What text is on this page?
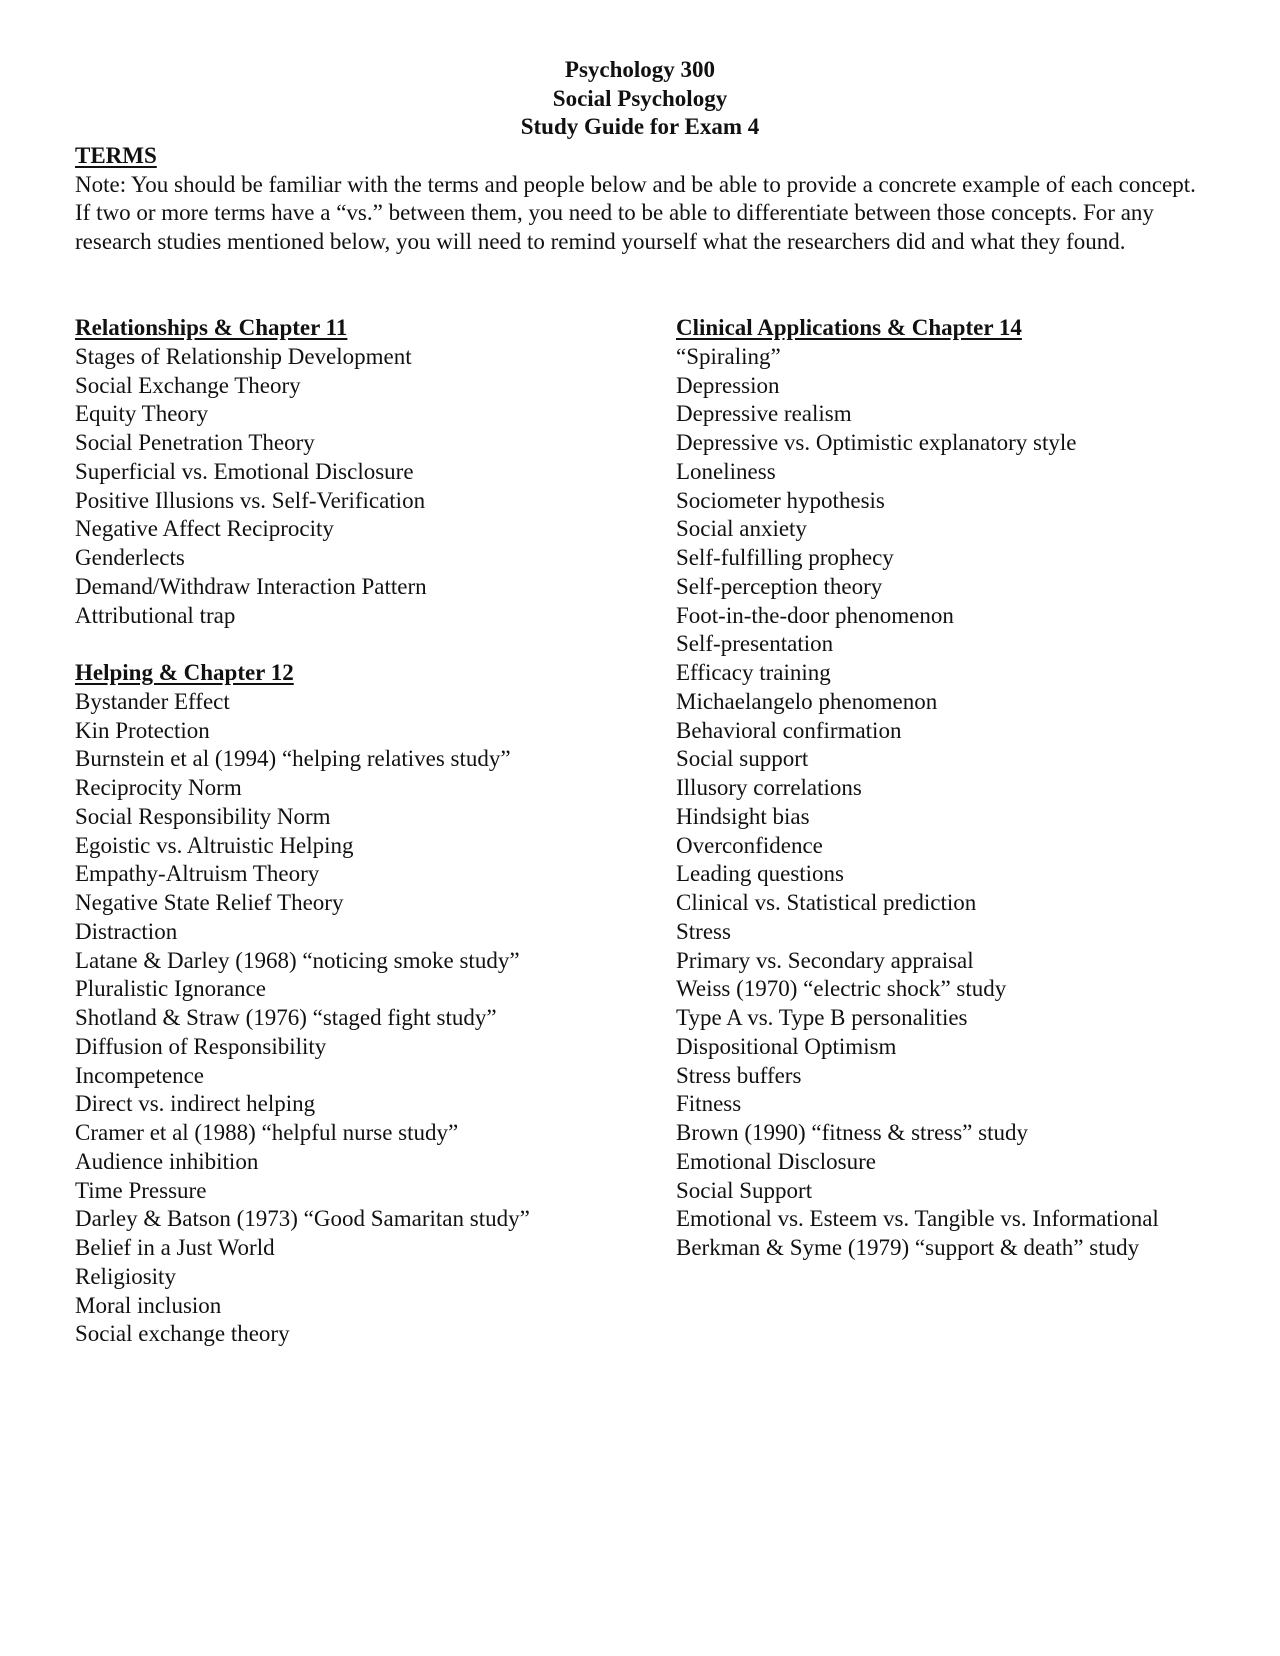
Psychology 300
Social Psychology
Study Guide for Exam 4
TERMS
Note: You should be familiar with the terms and people below and be able to provide a concrete example of each concept. If two or more terms have a “vs.” between them, you need to be able to differentiate between those concepts. For any research studies mentioned below, you will need to remind yourself what the researchers did and what they found.
Relationships & Chapter 11
Stages of Relationship Development
Social Exchange Theory
Equity Theory
Social Penetration Theory
Superficial vs. Emotional Disclosure
Positive Illusions vs. Self-Verification
Negative Affect Reciprocity
Genderlects
Demand/Withdraw Interaction Pattern
Attributional trap
Helping & Chapter 12
Bystander Effect
Kin Protection
Burnstein et al (1994) “helping relatives study”
Reciprocity Norm
Social Responsibility Norm
Egoistic vs. Altruistic Helping
Empathy-Altruism Theory
Negative State Relief Theory
Distraction
Latane & Darley (1968) “noticing smoke study”
Pluralistic Ignorance
Shotland & Straw (1976) “staged fight study”
Diffusion of Responsibility
Incompetence
Direct vs. indirect helping
Cramer et al (1988) “helpful nurse study”
Audience inhibition
Time Pressure
Darley & Batson (1973) “Good Samaritan study”
Belief in a Just World
Religiosity
Moral inclusion
Social exchange theory
Clinical Applications & Chapter 14
“Spiraling”
Depression
Depressive realism
Depressive vs. Optimistic explanatory style
Loneliness
Sociometer hypothesis
Social anxiety
Self-fulfilling prophecy
Self-perception theory
Foot-in-the-door phenomenon
Self-presentation
Efficacy training
Michaelangelo phenomenon
Behavioral confirmation
Social support
Illusory correlations
Hindsight bias
Overconfidence
Leading questions
Clinical vs. Statistical prediction
Stress
Primary vs. Secondary appraisal
Weiss (1970) “electric shock” study
Type A vs. Type B personalities
Dispositional Optimism
Stress buffers
Fitness
Brown (1990) “fitness & stress” study
Emotional Disclosure
Social Support
Emotional vs. Esteem vs. Tangible vs. Informational
Berkman & Syme (1979) “support & death” study
